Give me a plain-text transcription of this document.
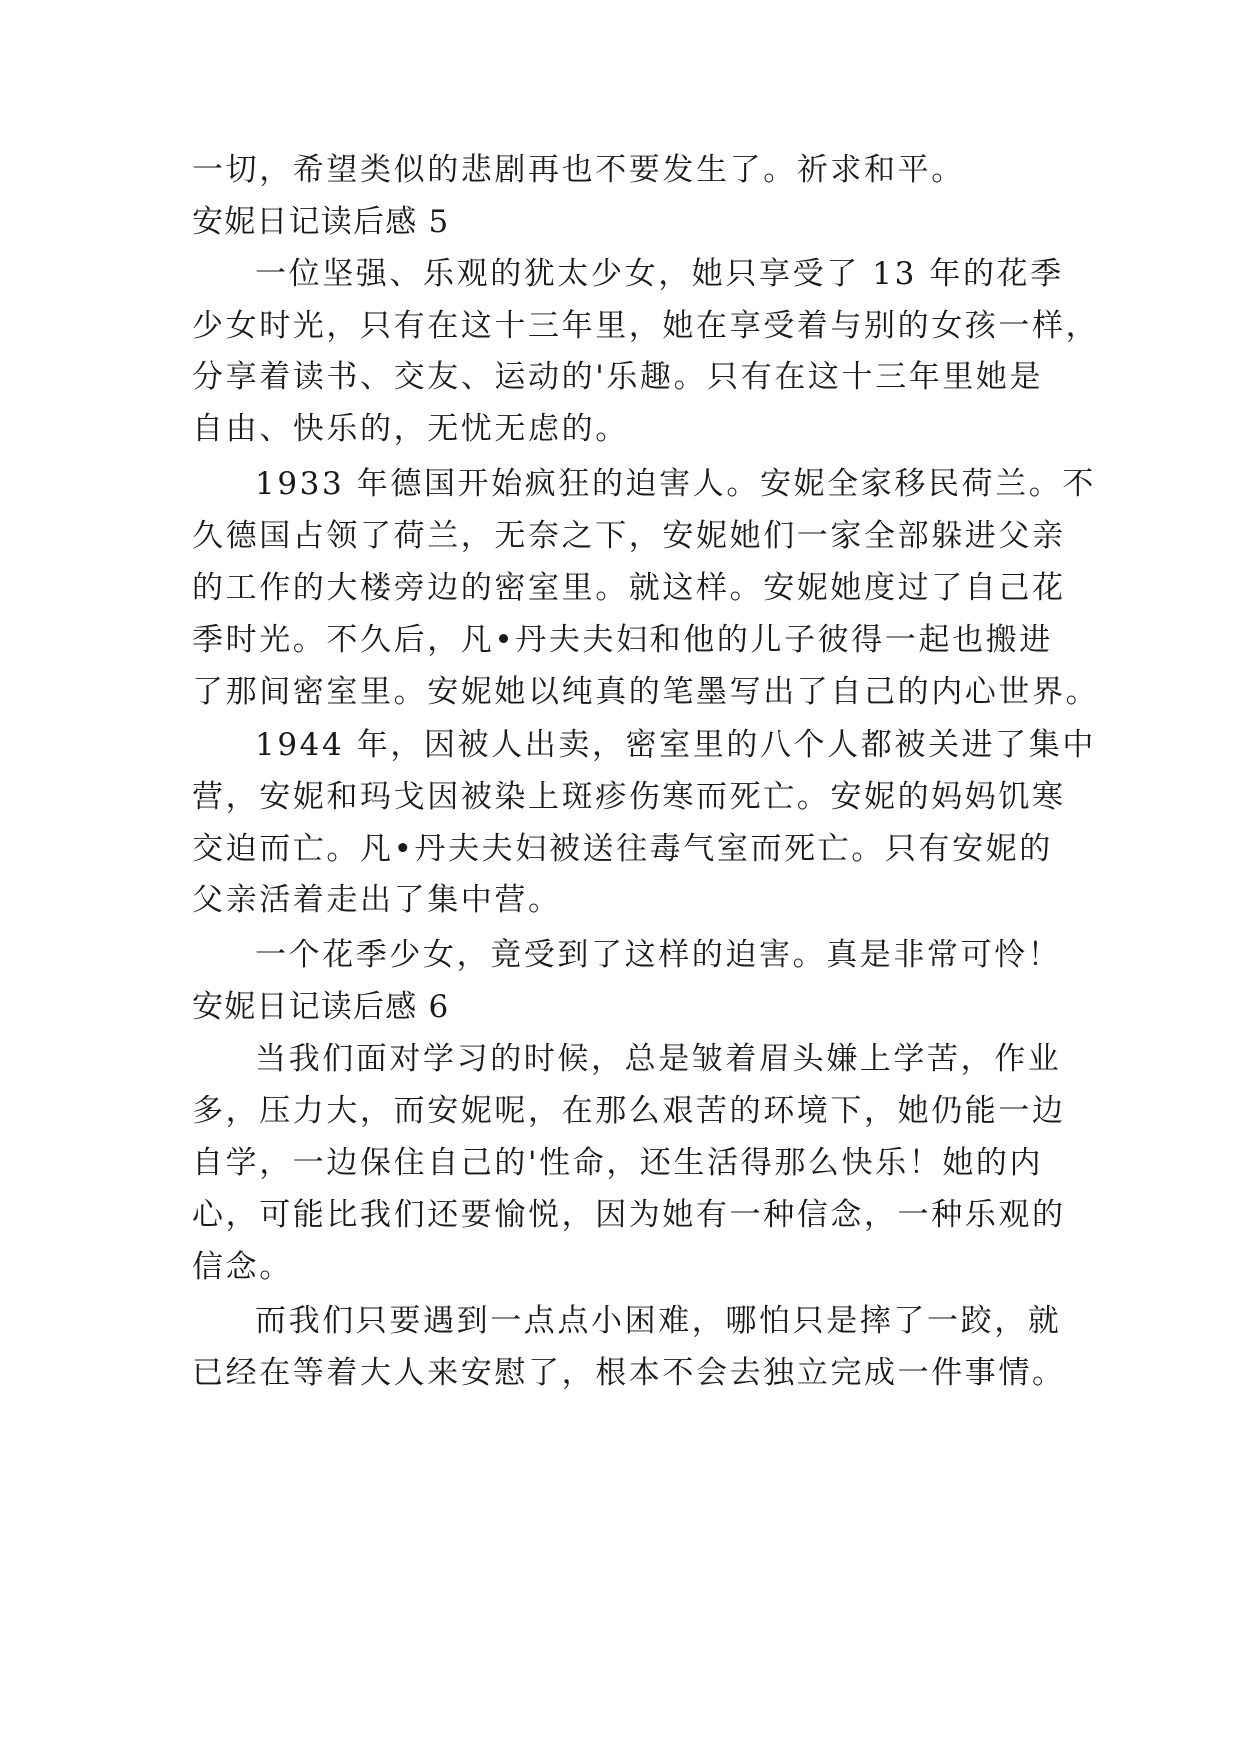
一切，希望类似的悲剧再也不要发生了。祈求和平。
安妮日记读后感 5
一位坚强、乐观的犹太少女，她只享受了 13 年的花季
少女时光，只有在这十三年里，她在享受着与别的女孩一样，
分享着读书、交友、运动的'乐趣。只有在这十三年里她是
自由、快乐的，无忧无虑的。
1933 年德国开始疯狂的迫害人。安妮全家移民荷兰。不
久德国占领了荷兰，无奈之下，安妮她们一家全部躲进父亲
的工作的大楼旁边的密室里。就这样。安妮她度过了自己花
季时光。不久后，凡•丹夫夫妇和他的儿子彼得一起也搬进
了那间密室里。安妮她以纯真的笔墨写出了自己的内心世界。
1944 年，因被人出卖，密室里的八个人都被关进了集中
营，安妮和玛戈因被染上斑疹伤寒而死亡。安妮的妈妈饥寒
交迫而亡。凡•丹夫夫妇被送往毒气室而死亡。只有安妮的
父亲活着走出了集中营。
一个花季少女，竟受到了这样的迫害。真是非常可怜！
安妮日记读后感 6
当我们面对学习的时候，总是皱着眉头嫌上学苦，作业
多，压力大，而安妮呢，在那么艰苦的环境下，她仍能一边
自学，一边保住自己的'性命，还生活得那么快乐！她的内
心，可能比我们还要愉悦，因为她有一种信念，一种乐观的
信念。
而我们只要遇到一点点小困难，哪怕只是摔了一跤，就
已经在等着大人来安慰了，根本不会去独立完成一件事情。
